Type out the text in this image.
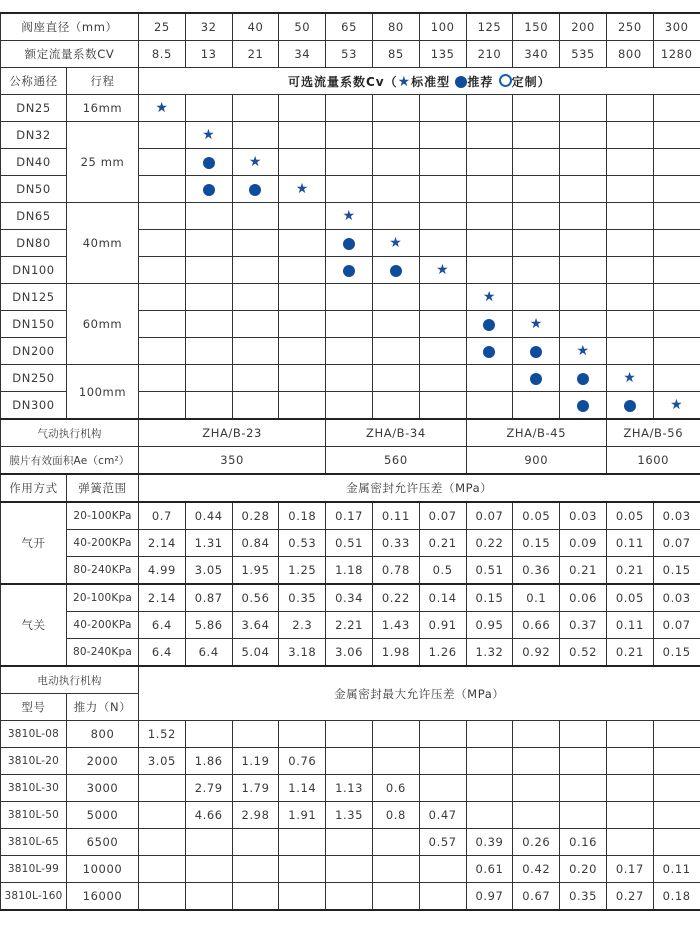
阀座直径（mm）		25	32	40	50	65	80	100	125	150	200	250	300
额定流量系数CV		8.5	13	21	34	53	85	135	210	340	535	800	1280
公称通径	行程	可选流量系数Cv（★标准型 推荐 定制）											
DN25	16mm	★											
DN32	25 mm		★										
DN40				★									
DN50					★								
DN65	40mm					★							
DN80							★						
DN100								★					
DN125	60mm								★				
DN150										★			
DN200											★		
DN250	100mm											★	
DN300													★
气动执行机构		ZHA/B-23				ZHA/B-34			ZHA/B-45			ZHA/B-56	
膜片有效面积Ae（cm²）		350				560			900			1600	
作用方式	弹簧范围	金属密封允许压差（MPa）											
气开	20-100KPa	0.7	0.44	0.28	0.18	0.17	0.11	0.07	0.07	0.05	0.03	0.05	0.03
	40-200KPa	2.14	1.31	0.84	0.53	0.51	0.33	0.21	0.22	0.15	0.09	0.11	0.07
	80-240KPa	4.99	3.05	1.95	1.25	1.18	0.78	0.5	0.51	0.36	0.21	0.21	0.15
气关	20-100Kpa	2.14	0.87	0.56	0.35	0.34	0.22	0.14	0.15	0.1	0.06	0.05	0.03
	40-200KPa	6.4	5.86	3.64	2.3	2.21	1.43	0.91	0.95	0.66	0.37	0.11	0.07
	80-240Kpa	6.4	6.4	5.04	3.18	3.06	1.98	1.26	1.32	0.92	0.52	0.21	0.15
电动执行机构		金属密封最大允许压差（MPa）											
型号	推力（N）												
3810L-08	800	1.52											
3810L-20	2000	3.05	1.86	1.19	0.76								
3810L-30	3000		2.79	1.79	1.14	1.13	0.6						
3810L-50	5000		4.66	2.98	1.91	1.35	0.8	0.47					
3810L-65	6500							0.57	0.39	0.26	0.16		
3810L-99	10000								0.61	0.42	0.20	0.17	0.11
3810L-160	16000								0.97	0.67	0.35	0.27	0.18
